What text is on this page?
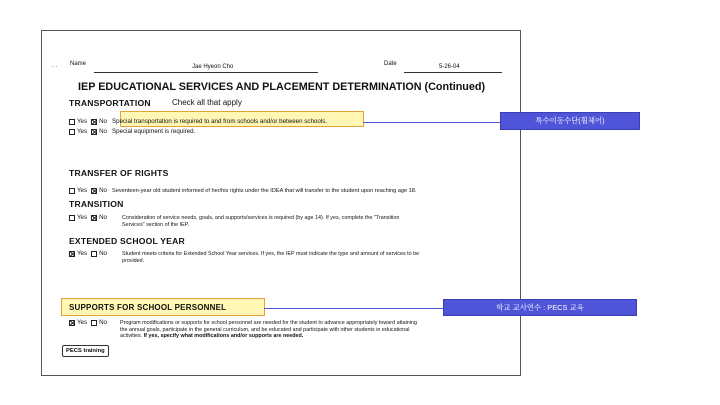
. . Name	Jae Hyeon Cho	Date	5-26-04
IEP EDUCATIONAL SERVICES AND PLACEMENT DETERMINATION (Continued)
TRANSPORTATION	Check all that apply
Yes No Special transportation is required to and from schools and/or between schools.
Yes No Special equipment is required.
TRANSFER OF RIGHTS
Yes No Seventeen-year old student informed of her/his rights under the IDEA that will transfer to the student upon reaching age 18.
TRANSITION
Yes No	Consideration of service needs, goals, and supports/services is required (by age 14). If yes, complete the "Transition
Services" section of the IEP.
EXTENDED SCHOOL YEAR
Yes No	Student meets criteria for Extended School Year services. If yes, the IEP must indicate the type and amount of services to be
provided.
SUPPORTS FOR SCHOOL PERSONNEL
Yes No	Program modifications or supports for school personnel are needed for the student to advance appropriately toward attaining
the annual goals, participate in the general curriculum, and be educated and participate with other students in educational
activities. If yes, specify what modifications and/or supports are needed.
PECS training
특수이동수단(휠체어)
학교 교사연수 : PECS 교육
